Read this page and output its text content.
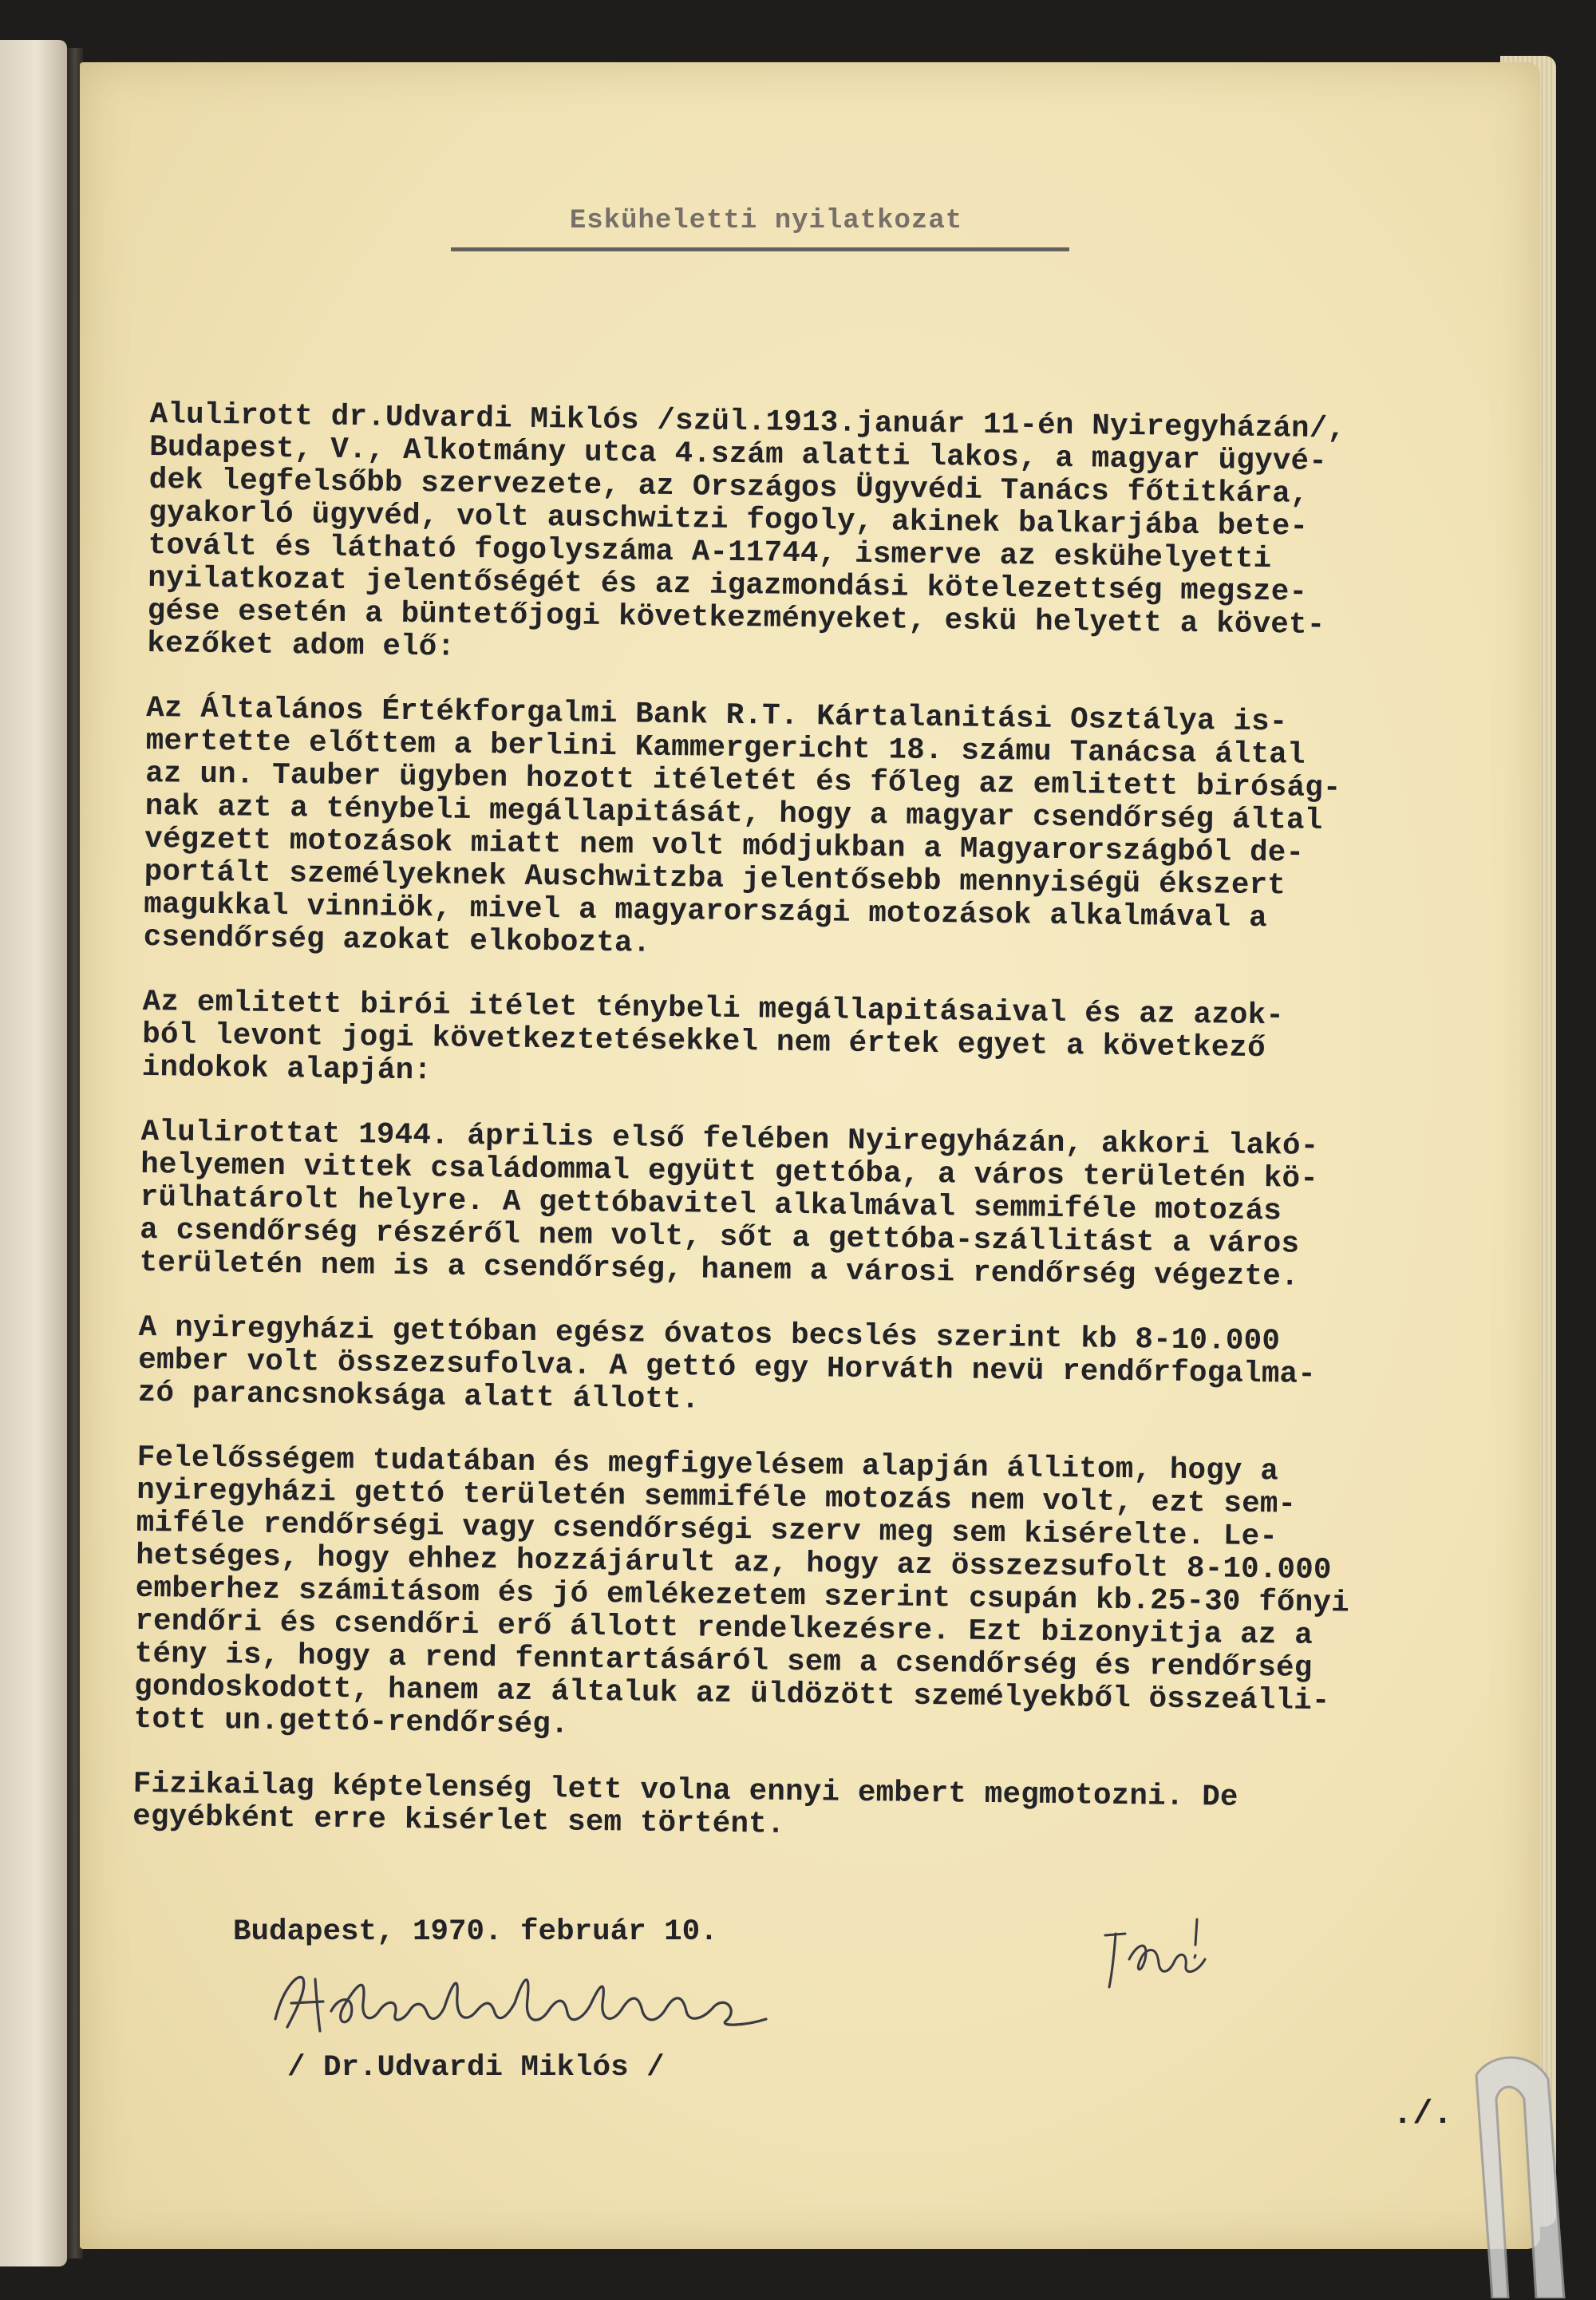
Esküheletti nyilatkozat

Alulirott dr.Udvardi Miklós /szül.1913.január 11-én Nyiregyházán/,
Budapest, V., Alkotmány utca 4.szám alatti lakos, a magyar ügyvé-
dek legfelsőbb szervezete, az Országos Ügyvédi Tanács főtitkára,
gyakorló ügyvéd, volt auschwitzi fogoly, akinek balkarjába bete-
tovált és látható fogolyszáma A-11744, ismerve az eskühelyetti
nyilatkozat jelentőségét és az igazmondási kötelezettség megsze-
gése esetén a büntetőjogi következményeket, eskü helyett a követ-
kezőket adom elő:

Az Általános Értékforgalmi Bank R.T. Kártalanitási Osztálya is-
mertette előttem a berlini Kammergericht 18. számu Tanácsa által
az un. Tauber ügyben hozott itéletét és főleg az emlitett biróság-
nak azt a ténybeli megállapitását, hogy a magyar csendőrség által
végzett motozások miatt nem volt módjukban a Magyarországból de-
portált személyeknek Auschwitzba jelentősebb mennyiségü ékszert
magukkal vinniök, mivel a magyarországi motozások alkalmával a
csendőrség azokat elkobozta.

Az emlitett birói itélet ténybeli megállapitásaival és az azok-
ból levont jogi következtetésekkel nem értek egyet a következő
indokok alapján:

Alulirottat 1944. április első felében Nyiregyházán, akkori lakó-
helyemen vittek családommal együtt gettóba, a város területén kö-
rülhatárolt helyre. A gettóbavitel alkalmával semmiféle motozás
a csendőrség részéről nem volt, sőt a gettóba-szállitást a város
területén nem is a csendőrség, hanem a városi rendőrség végezte.

A nyiregyházi gettóban egész óvatos becslés szerint kb 8-10.000
ember volt összezsufolva. A gettó egy Horváth nevü rendőrfogalma-
zó parancsnoksága alatt állott.

Felelősségem tudatában és megfigyelésem alapján állitom, hogy a
nyiregyházi gettó területén semmiféle motozás nem volt, ezt sem-
miféle rendőrségi vagy csendőrségi szerv meg sem kisérelte. Le-
hetséges, hogy ehhez hozzájárult az, hogy az összezsufolt 8-10.000
emberhez számitásom és jó emlékezetem szerint csupán kb.25-30 főnyi
rendőri és csendőri erő állott rendelkezésre. Ezt bizonyitja az a
tény is, hogy a rend fenntartásáról sem a csendőrség és rendőrség
gondoskodott, hanem az általuk az üldözött személyekből összeálli-
tott un.gettó-rendőrség.

Fizikailag képtelenség lett volna ennyi embert megmotozni. De
egyébként erre kisérlet sem történt.

Budapest, 1970. február 10.
/ Dr.Udvardi Miklós /
./.
